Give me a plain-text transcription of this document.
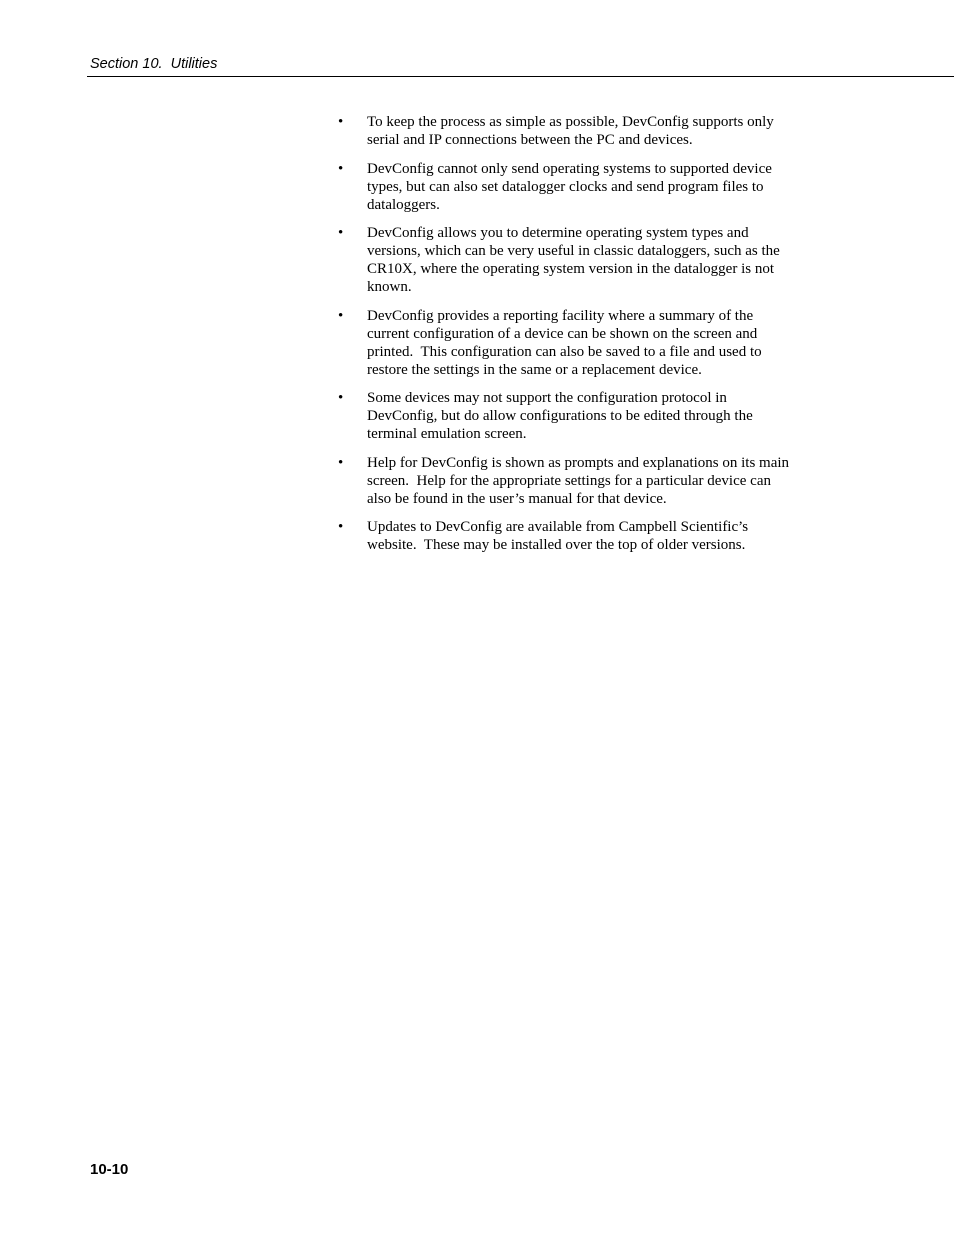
Section 10.  Utilities
• To keep the process as simple as possible, DevConfig supports only
serial and IP connections between the PC and devices.
• DevConfig cannot only send operating systems to supported device
types, but can also set datalogger clocks and send program files to
dataloggers.
• DevConfig allows you to determine operating system types and
versions, which can be very useful in classic dataloggers, such as the
CR10X, where the operating system version in the datalogger is not
known.
• DevConfig provides a reporting facility where a summary of the
current configuration of a device can be shown on the screen and
printed.  This configuration can also be saved to a file and used to
restore the settings in the same or a replacement device.
• Some devices may not support the configuration protocol in
DevConfig, but do allow configurations to be edited through the
terminal emulation screen.
• Help for DevConfig is shown as prompts and explanations on its main
screen.  Help for the appropriate settings for a particular device can
also be found in the user’s manual for that device.
• Updates to DevConfig are available from Campbell Scientific’s
website.  These may be installed over the top of older versions.
10-10
